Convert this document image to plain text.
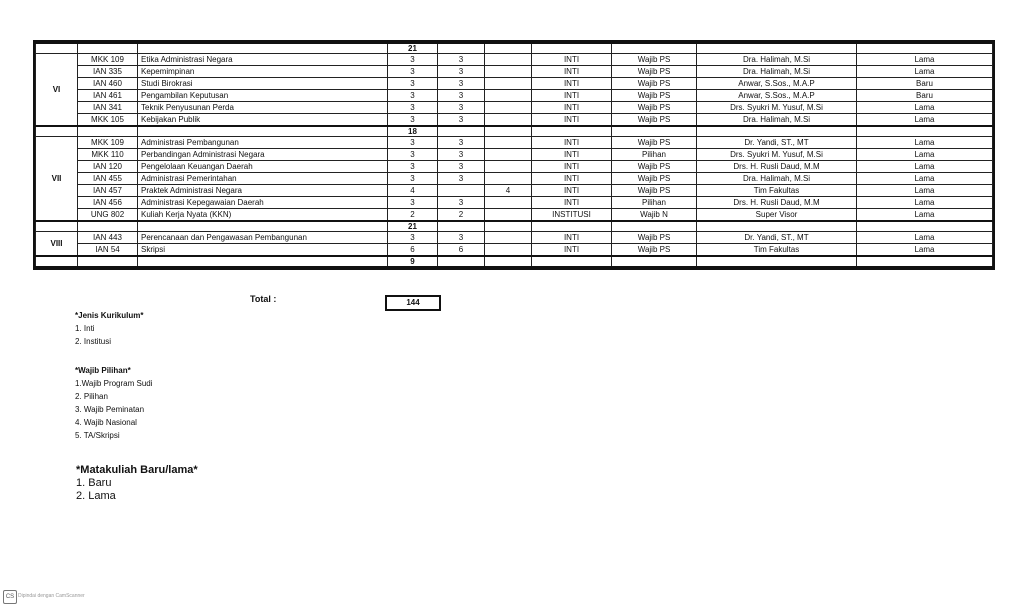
			21						
VI	MKK 109	Etika Administrasi Negara	3	3		INTI	Wajib PS	Dra. Halimah, M.Si	Lama
	IAN 335	Kepemimpinan	3	3		INTI	Wajib PS	Dra. Halimah, M.Si	Lama
	IAN 460	Studi Birokrasi	3	3		INTI	Wajib PS	Anwar, S.Sos., M.A.P	Baru
	IAN 461	Pengambilan Keputusan	3	3		INTI	Wajib PS	Anwar, S.Sos., M.A.P	Baru
	IAN 341	Teknik Penyusunan Perda	3	3		INTI	Wajib PS	Drs. Syukri M. Yusuf, M.Si	Lama
	MKK 105	Kebijakan Publik	3	3		INTI	Wajib PS	Dra. Halimah, M.Si	Lama
			18						
VII	MKK 109	Administrasi Pembangunan	3	3		INTI	Wajib PS	Dr. Yandi, ST., MT	Lama
	MKK 110	Perbandingan Administrasi Negara	3	3		INTI	Pilihan	Drs. Syukri M. Yusuf, M.Si	Lama
	IAN 120	Pengelolaan Keuangan Daerah	3	3		INTI	Wajib PS	Drs. H. Rusli Daud, M.M	Lama
	IAN 455	Administrasi Pemerintahan	3	3		INTI	Wajib PS	Dra. Halimah, M.Si	Lama
	IAN 457	Praktek Administrasi Negara	4		4	INTI	Wajib PS	Tim Fakultas	Lama
	IAN 456	Administrasi Kepegawaian Daerah	3	3		INTI	Pilihan	Drs. H. Rusli Daud, M.M	Lama
	UNG 802	Kuliah Kerja Nyata (KKN)	2	2		INSTITUSI	Wajib N	Super Visor	Lama
			21						
VIII	IAN 443	Perencanaan dan Pengawasan Pembangunan	3	3		INTI	Wajib PS	Dr. Yandi, ST., MT	Lama
	IAN 54	Skripsi	6	6		INTI	Wajib PS	Tim Fakultas	Lama
			9						
Total :	144
*Jenis Kurikulum*
1. Inti
2. Institusi
*Wajib Pilihan*
1.Wajib Program Sudi
2. Pilihan
3. Wajib Peminatan
4. Wajib Nasional
5. TA/Skripsi
*Matakuliah Baru/lama*
1. Baru
2. Lama
CS Dipindai dengan CamScanner
